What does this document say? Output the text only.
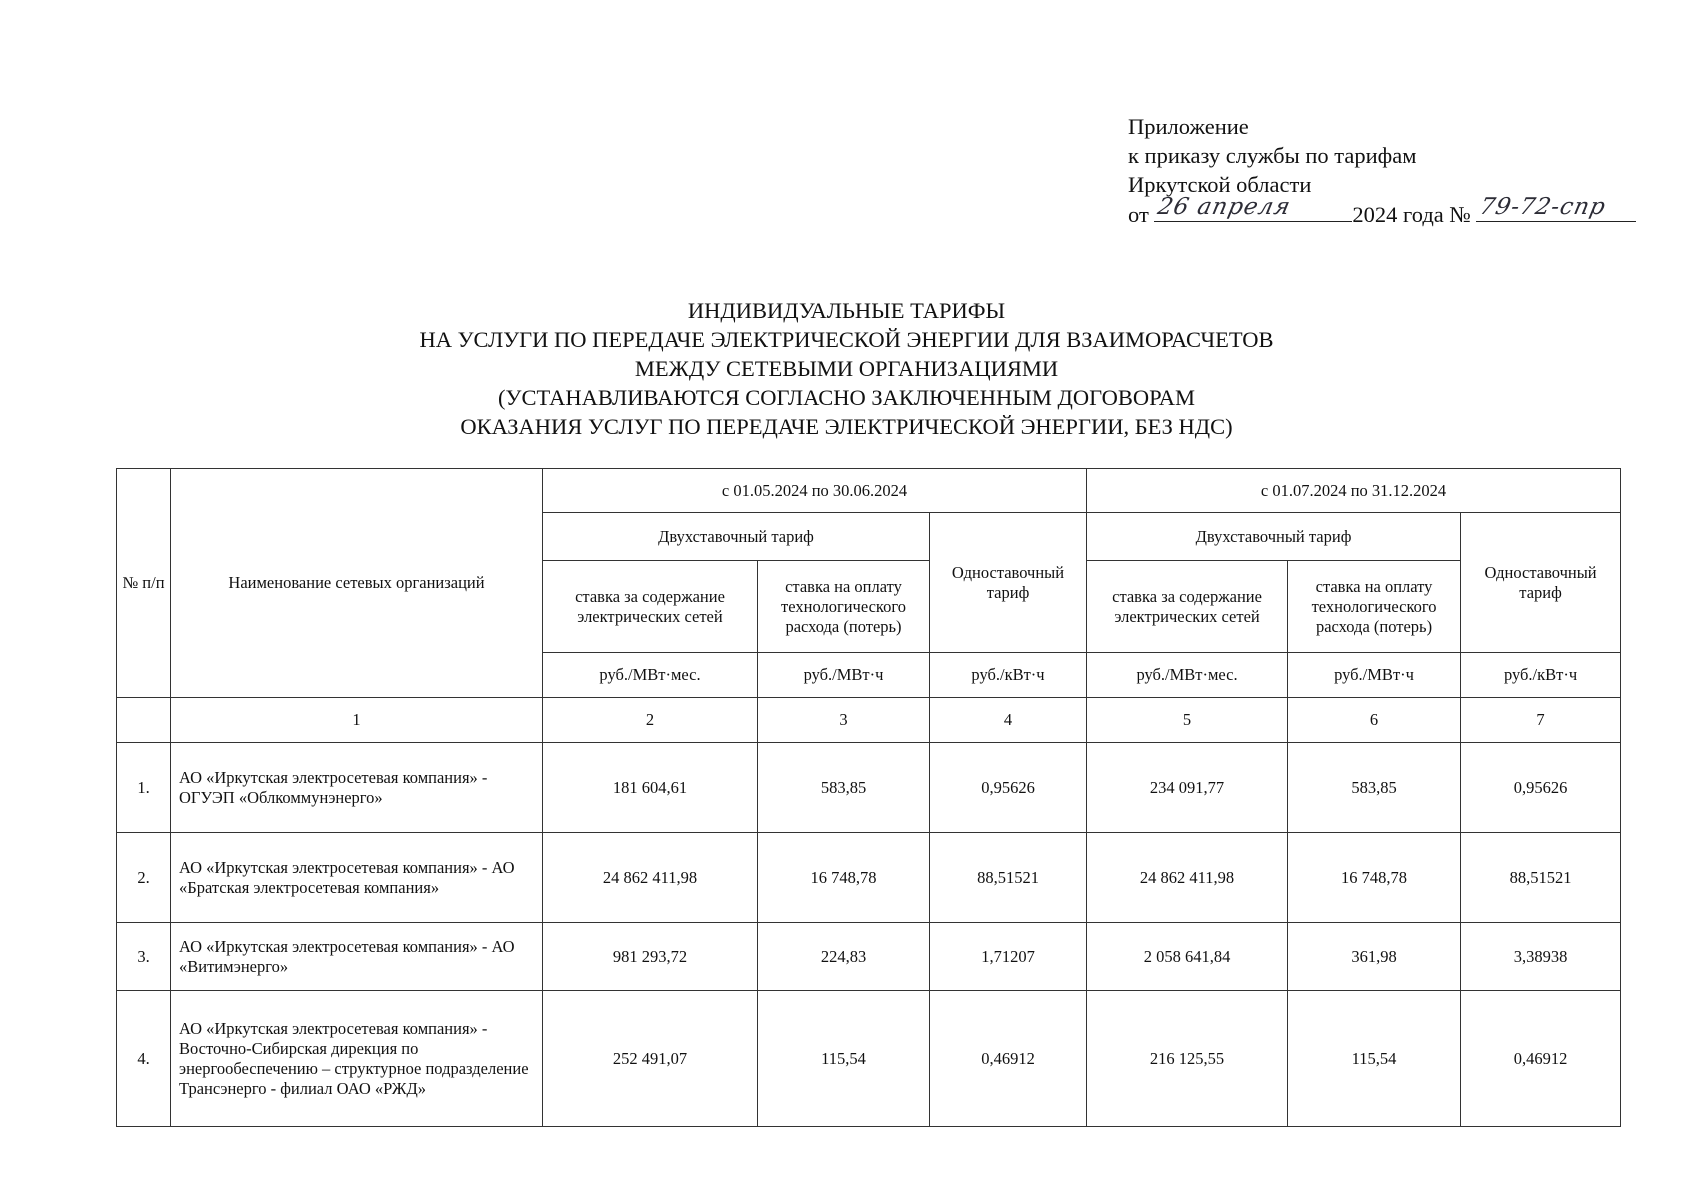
Приложение
к приказу службы по тарифам
Иркутской области
от 26 апреля	2024 года № 79-72-спр
ИНДИВИДУАЛЬНЫЕ ТАРИФЫ
НА УСЛУГИ ПО ПЕРЕДАЧЕ ЭЛЕКТРИЧЕСКОЙ ЭНЕРГИИ ДЛЯ ВЗАИМОРАСЧЕТОВ
МЕЖДУ СЕТЕВЫМИ ОРГАНИЗАЦИЯМИ
(УСТАНАВЛИВАЮТСЯ СОГЛАСНО ЗАКЛЮЧЕННЫМ ДОГОВОРАМ
ОКАЗАНИЯ УСЛУГ ПО ПЕРЕДАЧЕ ЭЛЕКТРИЧЕСКОЙ ЭНЕРГИИ, БЕЗ НДС)
№ п/п	Наименование сетевых организаций	с 01.05.2024 по 30.06.2024			с 01.07.2024 по 31.12.2024		
		Двухставочный тариф		Одноставочный тариф	Двухставочный тариф		Одноставочный тариф
		ставка за содержание электрических сетей	ставка на оплату технологического расхода (потерь)		ставка за содержание электрических сетей	ставка на оплату технологического расхода (потерь)	
		руб./МВт·мес.	руб./МВт·ч	руб./кВт·ч	руб./МВт·мес.	руб./МВт·ч	руб./кВт·ч
	1	2	3	4	5	6	7
1.	АО «Иркутская электросетевая компания» - ОГУЭП «Облкоммунэнерго»	181 604,61	583,85	0,95626	234 091,77	583,85	0,95626
2.	АО «Иркутская электросетевая компания» - АО «Братская электросетевая компания»	24 862 411,98	16 748,78	88,51521	24 862 411,98	16 748,78	88,51521
3.	АО «Иркутская электросетевая компания» - АО «Витимэнерго»	981 293,72	224,83	1,71207	2 058 641,84	361,98	3,38938
4.	АО «Иркутская электросетевая компания» - Восточно-Сибирская дирекция по энергообеспечению – структурное подразделение Трансэнерго - филиал ОАО «РЖД»	252 491,07	115,54	0,46912	216 125,55	115,54	0,46912
